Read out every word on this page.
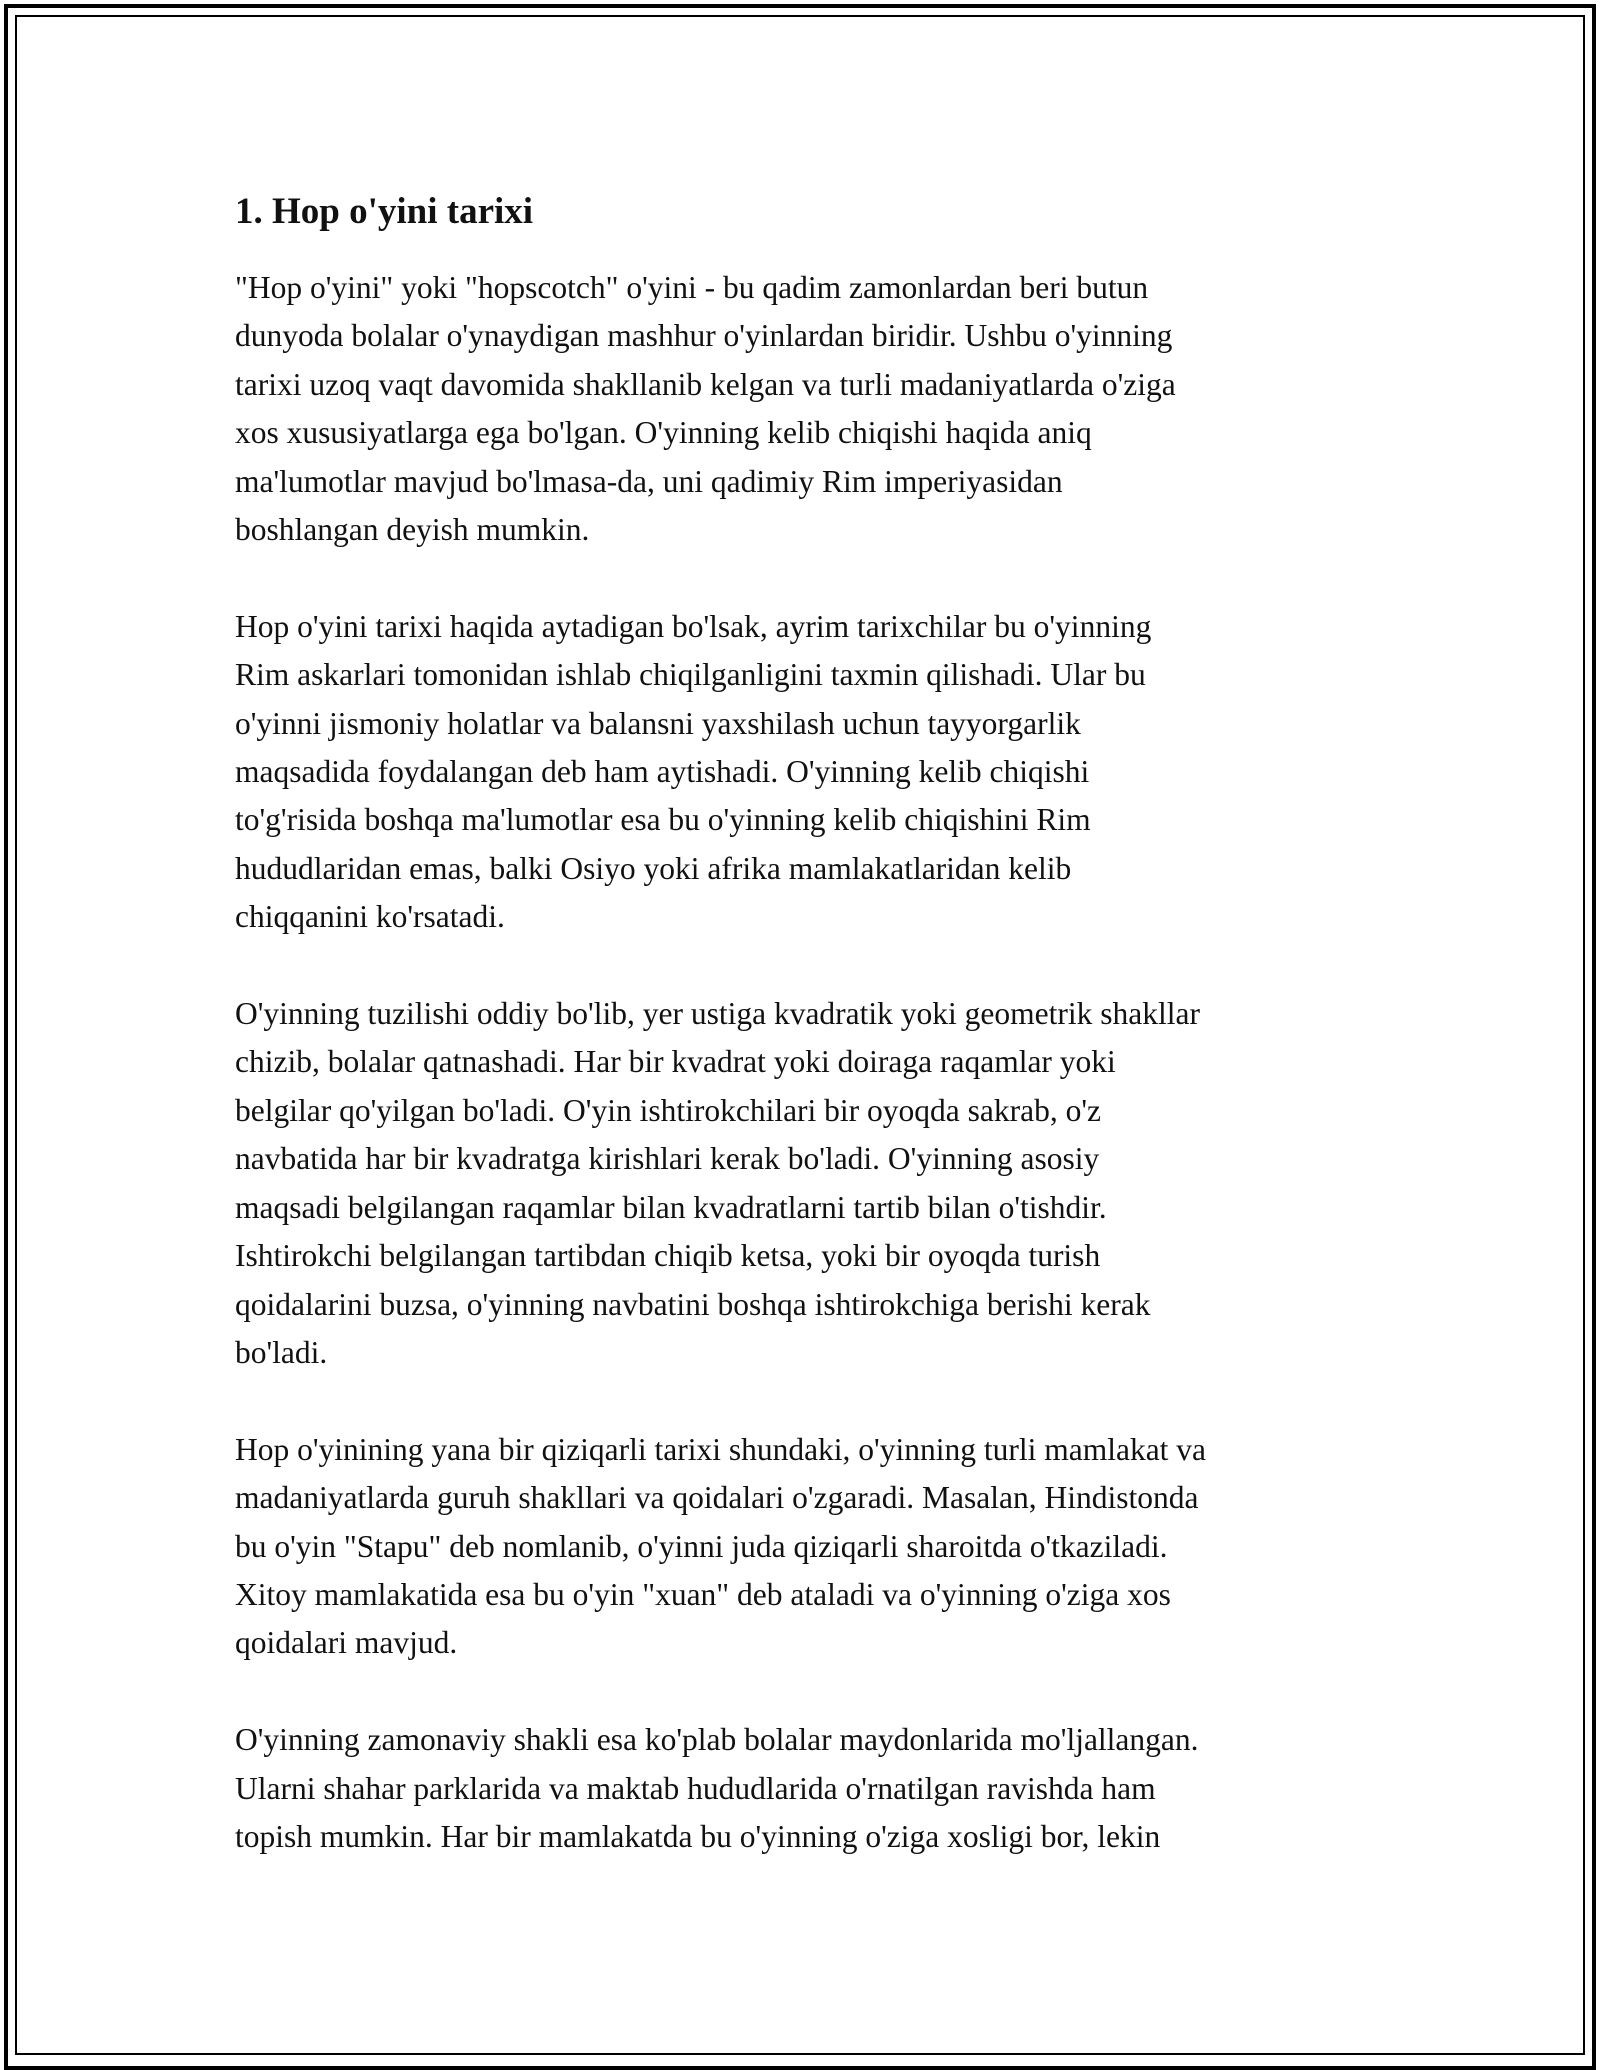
1. Hop o'yini tarixi
"Hop o'yini" yoki "hopscotch" o'yini - bu qadim zamonlardan beri butun
dunyoda bolalar o'ynaydigan mashhur o'yinlardan biridir. Ushbu o'yinning
tarixi uzoq vaqt davomida shakllanib kelgan va turli madaniyatlarda o'ziga
xos xususiyatlarga ega bo'lgan. O'yinning kelib chiqishi haqida aniq
ma'lumotlar mavjud bo'lmasa-da, uni qadimiy Rim imperiyasidan
boshlangan deyish mumkin.
Hop o'yini tarixi haqida aytadigan bo'lsak, ayrim tarixchilar bu o'yinning
Rim askarlari tomonidan ishlab chiqilganligini taxmin qilishadi. Ular bu
o'yinni jismoniy holatlar va balansni yaxshilash uchun tayyorgarlik
maqsadida foydalangan deb ham aytishadi. O'yinning kelib chiqishi
to'g'risida boshqa ma'lumotlar esa bu o'yinning kelib chiqishini Rim
hududlaridan emas, balki Osiyo yoki afrika mamlakatlaridan kelib
chiqqanini ko'rsatadi.
O'yinning tuzilishi oddiy bo'lib, yer ustiga kvadratik yoki geometrik shakllar
chizib, bolalar qatnashadi. Har bir kvadrat yoki doiraga raqamlar yoki
belgilar qo'yilgan bo'ladi. O'yin ishtirokchilari bir oyoqda sakrab, o'z
navbatida har bir kvadratga kirishlari kerak bo'ladi. O'yinning asosiy
maqsadi belgilangan raqamlar bilan kvadratlarni tartib bilan o'tishdir.
Ishtirokchi belgilangan tartibdan chiqib ketsa, yoki bir oyoqda turish
qoidalarini buzsa, o'yinning navbatini boshqa ishtirokchiga berishi kerak
bo'ladi.
Hop o'yinining yana bir qiziqarli tarixi shundaki, o'yinning turli mamlakat va
madaniyatlarda guruh shakllari va qoidalari o'zgaradi. Masalan, Hindistonda
bu o'yin "Stapu" deb nomlanib, o'yinni juda qiziqarli sharoitda o'tkaziladi.
Xitoy mamlakatida esa bu o'yin "xuan" deb ataladi va o'yinning o'ziga xos
qoidalari mavjud.
O'yinning zamonaviy shakli esa ko'plab bolalar maydonlarida mo'ljallangan.
Ularni shahar parklarida va maktab hududlarida o'rnatilgan ravishda ham
topish mumkin. Har bir mamlakatda bu o'yinning o'ziga xosligi bor, lekin
